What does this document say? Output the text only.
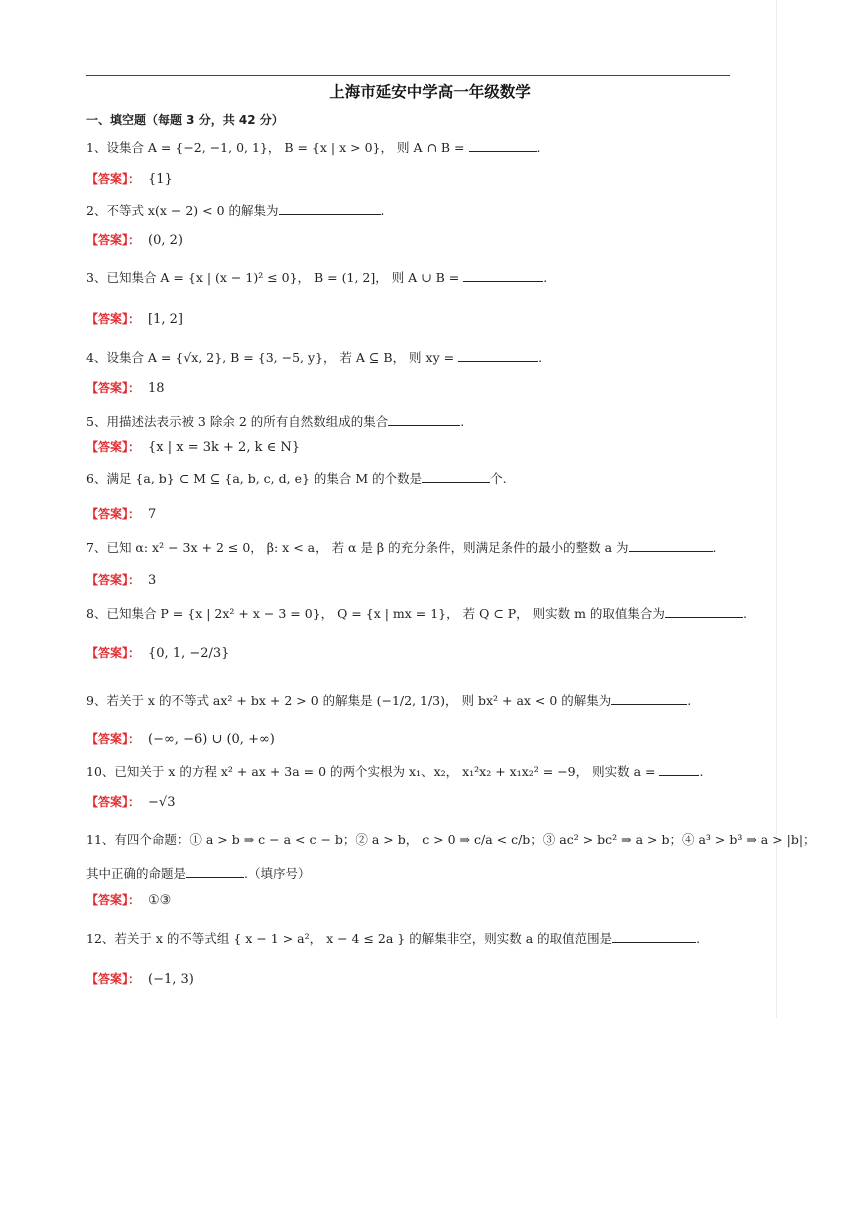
上海市延安中学高一年级数学
一、填空题（每题 3 分，共 42 分）
1、设集合 A = {−2, −1, 0, 1}， B = {x | x > 0}， 则 A ∩ B =	.
【答案】： {1}
2、不等式 x(x − 2) < 0 的解集为	.
【答案】： (0, 2)
3、已知集合 A = {x | (x − 1)² ≤ 0}， B = (1, 2]， 则 A ∪ B =	.
【答案】： [1, 2]
4、设集合 A = {√x, 2}, B = {3, −5, y}， 若 A ⊆ B， 则 xy =	.
【答案】： 18
5、用描述法表示被 3 除余 2 的所有自然数组成的集合	.
【答案】： {x | x = 3k + 2, k ∈ N}
6、满足 {a, b} ⊂ M ⊆ {a, b, c, d, e} 的集合 M 的个数是	个.
【答案】： 7
7、已知 α: x² − 3x + 2 ≤ 0， β: x < a， 若 α 是 β 的充分条件，则满足条件的最小的整数 a 为	.
【答案】： 3
8、已知集合 P = {x | 2x² + x − 3 = 0}， Q = {x | mx = 1}， 若 Q ⊂ P， 则实数 m 的取值集合为	.
【答案】： {0, 1, −2/3}
9、若关于 x 的不等式 ax² + bx + 2 > 0 的解集是 (−1/2, 1/3)， 则 bx² + ax < 0 的解集为	.
【答案】： (−∞, −6) ∪ (0, +∞)
10、已知关于 x 的方程 x² + ax + 3a = 0 的两个实根为 x₁、x₂， x₁²x₂ + x₁x₂² = −9， 则实数 a =	.
【答案】： −√3
11、有四个命题：① a > b ⇒ c − a < c − b；② a > b， c > 0 ⇒ c/a < c/b；③ ac² > bc² ⇒ a > b；④ a³ > b³ ⇒ a > |b|；
其中正确的命题是	.（填序号）
【答案】： ①③
12、若关于 x 的不等式组 { x − 1 > a²， x − 4 ≤ 2a } 的解集非空，则实数 a 的取值范围是	.
【答案】： (−1, 3)
